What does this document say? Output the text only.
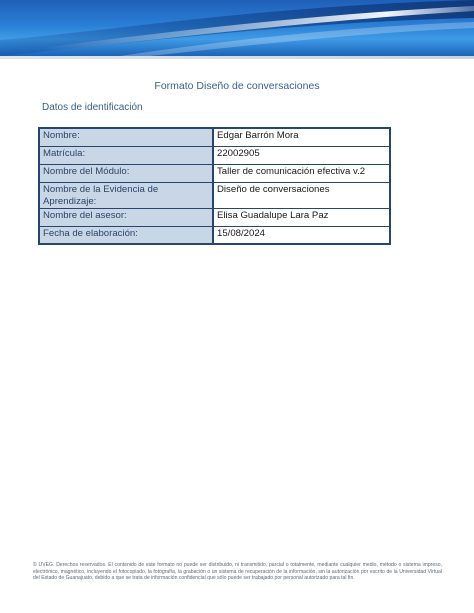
Formato Diseño de conversaciones
Datos de identificación
Nombre:	Edgar Barrón Mora
Matrícula:	22002905
Nombre del Módulo:	Taller de comunicación efectiva v.2
Nombre de la Evidencia de Aprendizaje:	Diseño de conversaciones
Nombre del asesor:	Elisa Guadalupe Lara Paz
Fecha de elaboración:	15/08/2024
© UVEG. Derechos reservados. El contenido de este formato no puede ser distribuido, ni transmitido, parcial o totalmente, mediante cualquier medio, método o sistema impreso, electrónico, magnético, incluyendo el fotocopiado, la fotografía, la grabación o un sistema de recuperación de la información, sin la autorización por escrito de la Universidad Virtual del Estado de Guanajuato, debido a que se trata de información confidencial que sólo puede ser trabajado por personal autorizado para tal fin.
